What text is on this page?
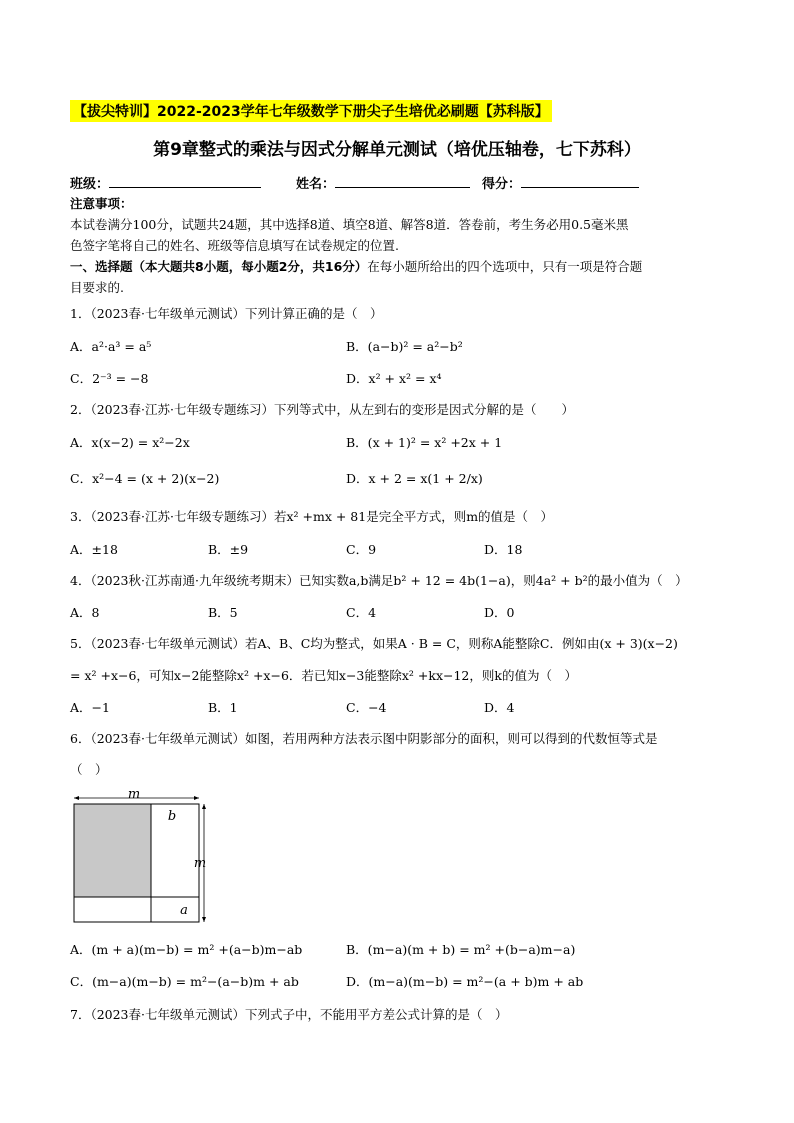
【拔尖特训】2022-2023学年七年级数学下册尖子生培优必刷题【苏科版】
第9章整式的乘法与因式分解单元测试（培优压轴卷，七下苏科）
班级：	姓名：	得分：
注意事项：
本试卷满分100分，试题共24题，其中选择8道、填空8道、解答8道．答卷前，考生务必用0.5毫米黑
色签字笔将自己的姓名、班级等信息填写在试卷规定的位置.
一、选择题（本大题共8小题，每小题2分，共16分）在每小题所给出的四个选项中，只有一项是符合题
目要求的.
1．（2023春·七年级单元测试）下列计算正确的是（　）
A．a²·a³ = a⁵	B．(a−b)² = a²−b²
C．2⁻³ = −8	D．x² + x² = x⁴
2．（2023春·江苏·七年级专题练习）下列等式中，从左到右的变形是因式分解的是（　　）
A．x(x−2) = x²−2x	B．(x + 1)² = x² +2x + 1
C．x²−4 = (x + 2)(x−2)	D．x + 2 = x(1 + 2/x)
3．（2023春·江苏·七年级专题练习）若x² +mx + 81是完全平方式，则m的值是（　）
A．±18	B．±9	C．9	D．18
4．（2023秋·江苏南通·九年级统考期末）已知实数a,b满足b² + 12 = 4b(1−a)，则4a² + b²的最小值为（　）
A．8	B．5	C．4	D．0
5．（2023春·七年级单元测试）若A、B、C均为整式，如果A · B = C，则称A能整除C．例如由(x + 3)(x−2)
= x² +x−6，可知x−2能整除x² +x−6．若已知x−3能整除x² +kx−12，则k的值为（　）
A．−1	B．1	C．−4	D．4
6．（2023春·七年级单元测试）如图，若用两种方法表示图中阴影部分的面积，则可以得到的代数恒等式是
（　）
m
m
b
a
A．(m + a)(m−b) = m² +(a−b)m−ab	B．(m−a)(m + b) = m² +(b−a)m−a)
C．(m−a)(m−b) = m²−(a−b)m + ab	D．(m−a)(m−b) = m²−(a + b)m + ab
7．（2023春·七年级单元测试）下列式子中，不能用平方差公式计算的是（　）
